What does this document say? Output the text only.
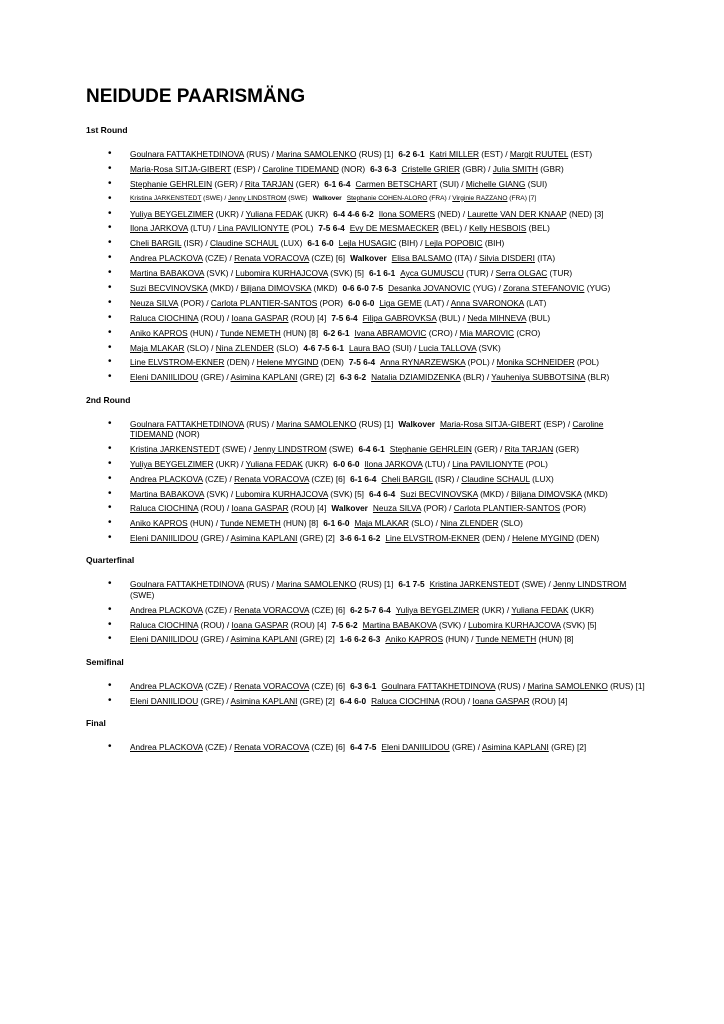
NEIDUDE PAARISMÄNG
1st Round
• Goulnara FATTAKHETDINOVA (RUS) / Marina SAMOLENKO (RUS) [1] 6-2 6-1 Katri MILLER (EST) / Margit RUUTEL (EST)
• Maria-Rosa SITJA-GIBERT (ESP) / Caroline TIDEMAND (NOR) 6-3 6-3 Cristelle GRIER (GBR) / Julia SMITH (GBR)
• Stephanie GEHRLEIN (GER) / Rita TARJAN (GER) 6-1 6-4 Carmen BETSCHART (SUI) / Michelle GIANG (SUI)
• Kristina JARKENSTEDT (SWE) / Jenny LINDSTROM (SWE) Walkover Stephanie COHEN-ALORO (FRA) / Virginie RAZZANO (FRA) [7]
• Yuliya BEYGELZIMER (UKR) / Yuliana FEDAK (UKR) 6-4 4-6 6-2 Ilona SOMERS (NED) / Laurette VAN DER KNAAP (NED) [3]
• Ilona JARKOVA (LTU) / Lina PAVILIONYTE (POL) 7-5 6-4 Evy DE MESMAECKER (BEL) / Kelly HESBOIS (BEL)
• Cheli BARGIL (ISR) / Claudine SCHAUL (LUX) 6-1 6-0 Lejla HUSAGIC (BIH) / Lejla POPOBIC (BIH)
• Andrea PLACKOVA (CZE) / Renata VORACOVA (CZE) [6] Walkover Elisa BALSAMO (ITA) / Silvia DISDERI (ITA)
• Martina BABAKOVA (SVK) / Lubomira KURHAJCOVA (SVK) [5] 6-1 6-1 Ayca GUMUSCU (TUR) / Serra OLGAC (TUR)
• Suzi BECVINOVSKA (MKD) / Biljana DIMOVSKA (MKD) 0-6 6-0 7-5 Desanka JOVANOVIC (YUG) / Zorana STEFANOVIC (YUG)
• Neuza SILVA (POR) / Carlota PLANTIER-SANTOS (POR) 6-0 6-0 Liga GEME (LAT) / Anna SVARONOKA (LAT)
• Raluca CIOCHINA (ROU) / Ioana GASPAR (ROU) [4] 7-5 6-4 Filipa GABROVKSA (BUL) / Neda MIHNEVA (BUL)
• Aniko KAPROS (HUN) / Tunde NEMETH (HUN) [8] 6-2 6-1 Ivana ABRAMOVIC (CRO) / Mia MAROVIC (CRO)
• Maja MLAKAR (SLO) / Nina ZLENDER (SLO) 4-6 7-5 6-1 Laura BAO (SUI) / Lucia TALLOVA (SVK)
• Line ELVSTROM-EKNER (DEN) / Helene MYGIND (DEN) 7-5 6-4 Anna RYNARZEWSKA (POL) / Monika SCHNEIDER (POL)
• Eleni DANIILIDOU (GRE) / Asimina KAPLANI (GRE) [2] 6-3 6-2 Natalia DZIAMIDZENKA (BLR) / Yauheniya SUBBOTSINA (BLR)
2nd Round
• Goulnara FATTAKHETDINOVA (RUS) / Marina SAMOLENKO (RUS) [1] Walkover Maria-Rosa SITJA-GIBERT (ESP) / Caroline TIDEMAND (NOR)
• Kristina JARKENSTEDT (SWE) / Jenny LINDSTROM (SWE) 6-4 6-1 Stephanie GEHRLEIN (GER) / Rita TARJAN (GER)
• Yuliya BEYGELZIMER (UKR) / Yuliana FEDAK (UKR) 6-0 6-0 Ilona JARKOVA (LTU) / Lina PAVILIONYTE (POL)
• Andrea PLACKOVA (CZE) / Renata VORACOVA (CZE) [6] 6-1 6-4 Cheli BARGIL (ISR) / Claudine SCHAUL (LUX)
• Martina BABAKOVA (SVK) / Lubomira KURHAJCOVA (SVK) [5] 6-4 6-4 Suzi BECVINOVSKA (MKD) / Biljana DIMOVSKA (MKD)
• Raluca CIOCHINA (ROU) / Ioana GASPAR (ROU) [4] Walkover Neuza SILVA (POR) / Carlota PLANTIER-SANTOS (POR)
• Aniko KAPROS (HUN) / Tunde NEMETH (HUN) [8] 6-1 6-0 Maja MLAKAR (SLO) / Nina ZLENDER (SLO)
• Eleni DANIILIDOU (GRE) / Asimina KAPLANI (GRE) [2] 3-6 6-1 6-2 Line ELVSTROM-EKNER (DEN) / Helene MYGIND (DEN)
Quarterfinal
• Goulnara FATTAKHETDINOVA (RUS) / Marina SAMOLENKO (RUS) [1] 6-1 7-5 Kristina JARKENSTEDT (SWE) / Jenny LINDSTROM (SWE)
• Andrea PLACKOVA (CZE) / Renata VORACOVA (CZE) [6] 6-2 5-7 6-4 Yuliya BEYGELZIMER (UKR) / Yuliana FEDAK (UKR)
• Raluca CIOCHINA (ROU) / Ioana GASPAR (ROU) [4] 7-5 6-2 Martina BABAKOVA (SVK) / Lubomira KURHAJCOVA (SVK) [5]
• Eleni DANIILIDOU (GRE) / Asimina KAPLANI (GRE) [2] 1-6 6-2 6-3 Aniko KAPROS (HUN) / Tunde NEMETH (HUN) [8]
Semifinal
• Andrea PLACKOVA (CZE) / Renata VORACOVA (CZE) [6] 6-3 6-1 Goulnara FATTAKHETDINOVA (RUS) / Marina SAMOLENKO (RUS) [1]
• Eleni DANIILIDOU (GRE) / Asimina KAPLANI (GRE) [2] 6-4 6-0 Raluca CIOCHINA (ROU) / Ioana GASPAR (ROU) [4]
Final
• Andrea PLACKOVA (CZE) / Renata VORACOVA (CZE) [6] 6-4 7-5 Eleni DANIILIDOU (GRE) / Asimina KAPLANI (GRE) [2]
